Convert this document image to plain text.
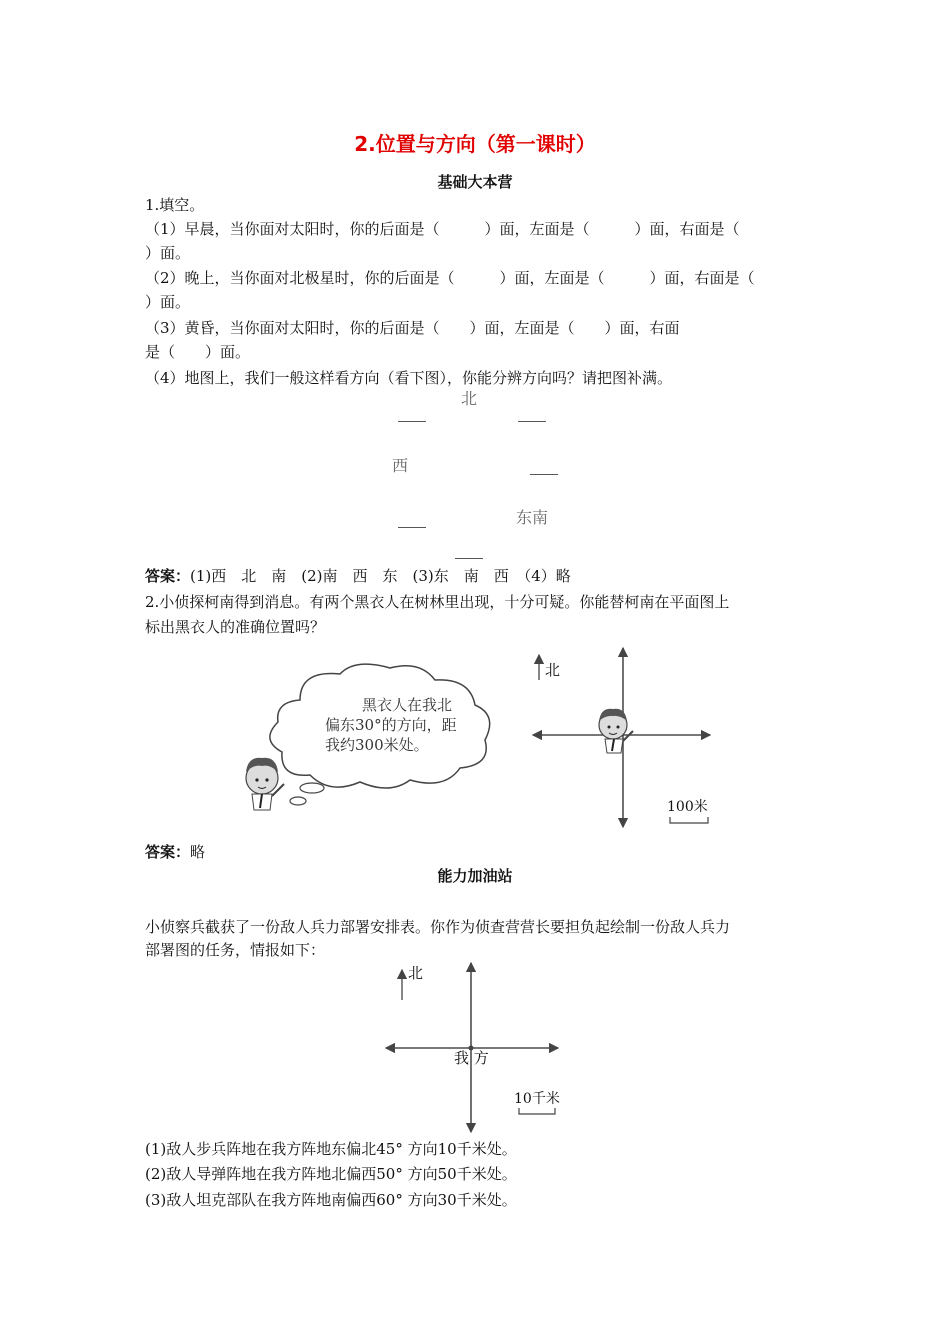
2.位置与方向（第一课时）
基础大本营
1.填空。
（1）早晨，当你面对太阳时，你的后面是（　　　）面，左面是（　　　）面，右面是（
）面。
（2）晚上，当你面对北极星时，你的后面是（　　　）面，左面是（　　　）面，右面是（
）面。
（3）黄昏，当你面对太阳时，你的后面是（　　）面，左面是（　　）面，右面
是（　　）面。
（4）地图上，我们一般这样看方向（看下图），你能分辨方向吗？请把图补满。
北
西
东南
答案：(1)西　北　南　(2)南　西　东　(3)东　南　西　（4）略
2.小侦探柯南得到消息。有两个黑衣人在树林里出现，十分可疑。你能替柯南在平面图上
标出黑衣人的准确位置吗？
黑衣人在我北
偏东30°的方向，距
我约300米处。
北
100米
答案：略
能力加油站
小侦察兵截获了一份敌人兵力部署安排表。你作为侦查营营长要担负起绘制一份敌人兵力
部署图的任务，情报如下：
北
我 方
10千米
(1)敌人步兵阵地在我方阵地东偏北45° 方向10千米处。
(2)敌人导弹阵地在我方阵地北偏西50° 方向50千米处。
(3)敌人坦克部队在我方阵地南偏西60° 方向30千米处。
